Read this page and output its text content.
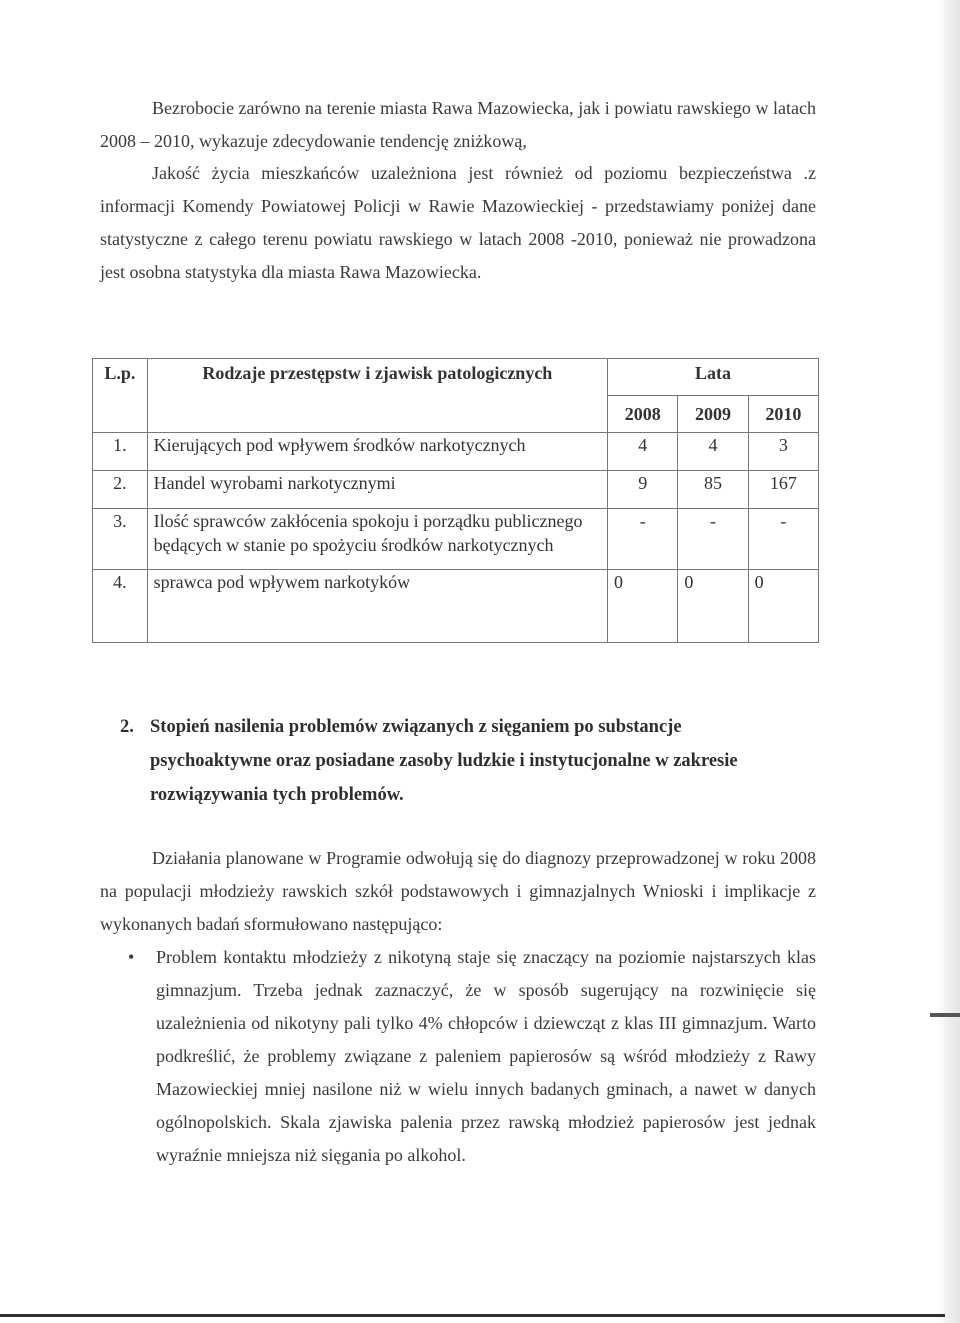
Bezrobocie zarówno na terenie miasta Rawa Mazowiecka, jak i powiatu rawskiego w latach 2008 – 2010, wykazuje zdecydowanie tendencję zniżkową,

Jakość życia mieszkańców uzależniona jest również od poziomu bezpieczeństwa .z informacji Komendy Powiatowej Policji w Rawie Mazowieckiej - przedstawiamy poniżej dane statystyczne z całego terenu powiatu rawskiego w latach 2008 -2010, ponieważ nie prowadzona jest osobna statystyka dla miasta Rawa Mazowiecka.

L.p.	Rodzaje przestępstw i zjawisk patologicznych	Lata		
		2008	2009	2010
1.	Kierujących pod wpływem środków narkotycznych	4	4	3
2.	Handel wyrobami narkotycznymi	9	85	167
3.	Ilość sprawców zakłócenia spokoju i porządku publicznego będących w stanie po spożyciu środków narkotycznych	-	-	-
4.	sprawca pod wpływem narkotyków	0	0	0
2. Stopień nasilenia problemów związanych z sięganiem po substancje
psychoaktywne oraz posiadane zasoby ludzkie i instytucjonalne w zakresie
rozwiązywania tych problemów.

Działania planowane w Programie odwołują się do diagnozy przeprowadzonej w roku 2008 na populacji młodzieży rawskich szkół podstawowych i gimnazjalnych Wnioski i implikacje z wykonanych badań sformułowano następująco:

•	Problem kontaktu młodzieży z nikotyną staje się znaczący na poziomie najstarszych klas gimnazjum. Trzeba jednak zaznaczyć, że w sposób sugerujący na rozwinięcie się uzależnienia od nikotyny pali tylko 4% chłopców i dziewcząt z klas III gimnazjum. Warto podkreślić, że problemy związane z paleniem papierosów są wśród młodzieży z Rawy Mazowieckiej mniej nasilone niż w wielu innych badanych gminach, a nawet w danych ogólnopolskich. Skala zjawiska palenia przez rawską młodzież papierosów jest jednak wyraźnie mniejsza niż sięgania po alkohol.
